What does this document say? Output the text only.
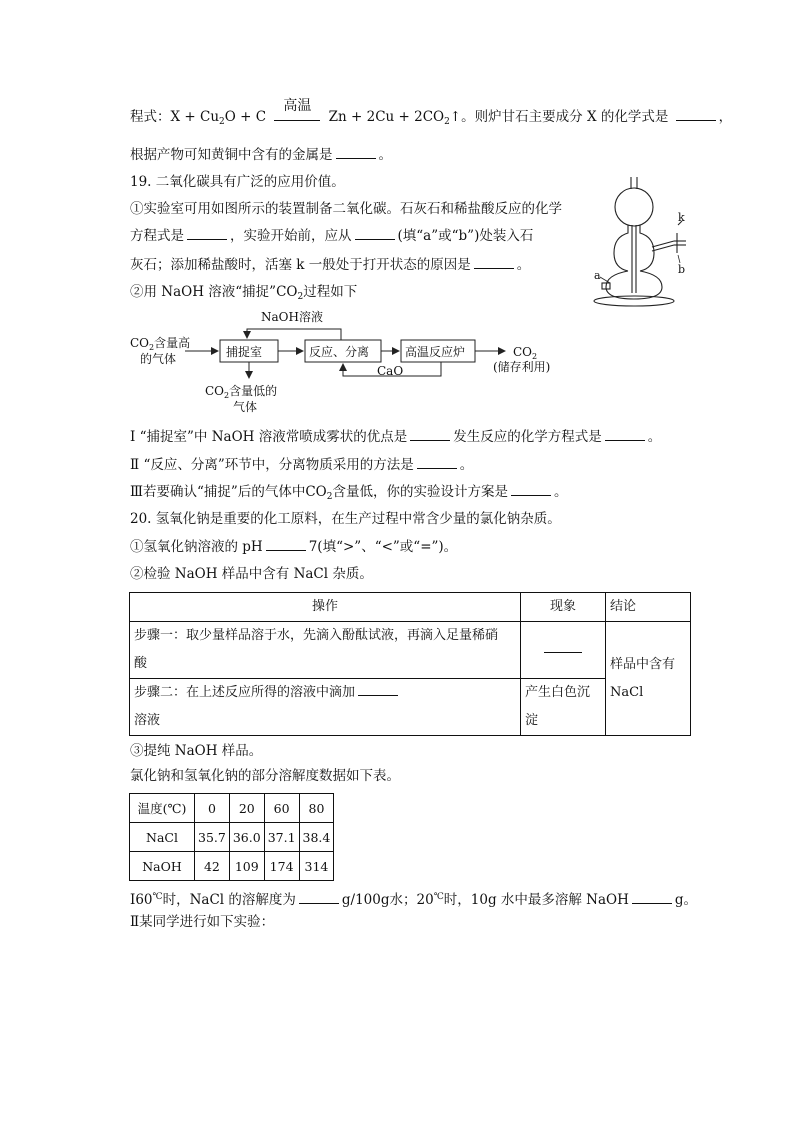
程式：$X + Cu_2O + C$
高温
$Zn + 2Cu + 2CO_2↑$。则炉甘石主要成分 X 的化学式是	，
根据产物可知黄铜中含有的金属是	。
19. 二氧化碳具有广泛的应用价值。
①实验室可用如图所示的装置制备二氧化碳。石灰石和稀盐酸反应的化学
方程式是	，实验开始前，应从	(填“a”或“b”)处装入石
灰石；添加稀盐酸时，活塞 k 一般处于打开状态的原因是	。
②用 NaOH 溶液“捕捉$”CO_2$过程如下
k
a	b
NaOH溶液
$CO_2$含量高
的气体	捕捉室	反应、分离	高温反应炉	$CO_2$
(储存利用)
CaO
$CO_2$含量低的
气体
Ⅰ “捕捉室”中 NaOH 溶液常喷成雾状的优点是	发生反应的化学方程式是	。
Ⅱ “反应、分离”环节中，分离物质采用的方法是	。
Ⅲ若要确认“捕捉”后的气体中$CO_2$含量低，你的实验设计方案是	。
20. 氢氧化钠是重要的化工原料，在生产过程中常含少量的氯化钠杂质。
①氢氧化钠溶液的 pH	7(填“>”、“<”或“=”)。
②检验 NaOH 样品中含有 NaCl 杂质。
操作	现象	结论
步骤一：取少量样品溶于水，先滴入酚酞试液，再滴入足量稀硝
酸		样品中含有
NaCl
步骤二：在上述反应所得的溶液中滴加
溶液	产生白色沉
淀	
③提纯 NaOH 样品。
氯化钠和氢氧化钠的部分溶解度数据如下表。
温度(℃)	0	20	60	80
NaCl	35.7	36.0	37.1	38.4
NaOH	42	109	174	314
Ⅰ60℃时，NaCl 的溶解度为	g/100g水；20℃时，10g 水中最多溶解 NaOH	g。
Ⅱ某同学进行如下实验：
